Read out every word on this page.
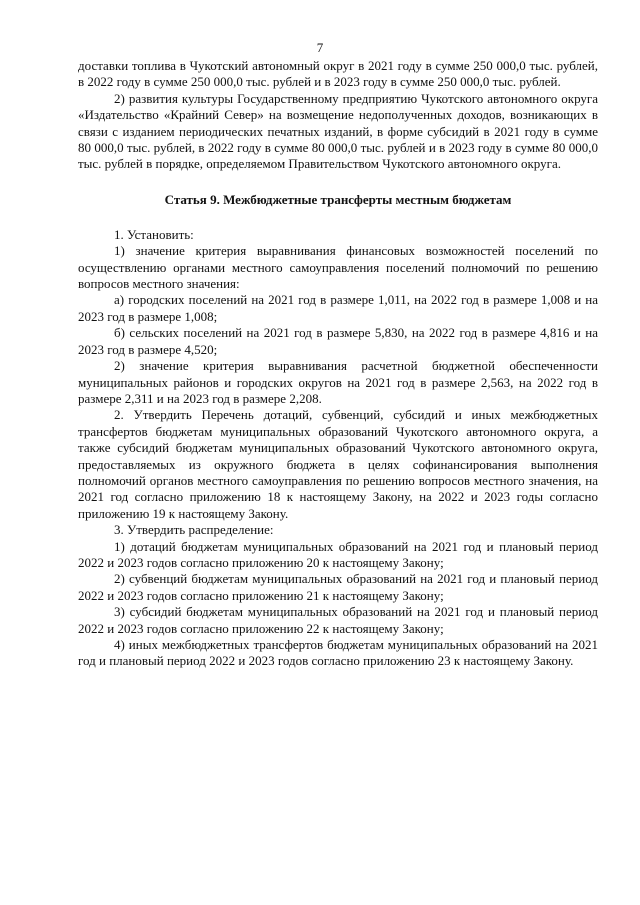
7

доставки топлива в Чукотский автономный округ в 2021 году в сумме 250 000,0 тыс. рублей, в 2022 году в сумме 250 000,0 тыс. рублей и в 2023 году в сумме 250 000,0 тыс. рублей.

2) развития культуры Государственному предприятию Чукотского автономного округа «Издательство «Крайний Север» на возмещение недополученных доходов, возникающих в связи с изданием периодических печатных изданий, в форме субсидий в 2021 году в сумме 80 000,0 тыс. рублей, в 2022 году в сумме 80 000,0 тыс. рублей и в 2023 году в сумме 80 000,0 тыс. рублей в порядке, определяемом Правительством Чукотского автономного округа.

Статья 9. Межбюджетные трансферты местным бюджетам

1. Установить:

1) значение критерия выравнивания финансовых возможностей поселений по осуществлению органами местного самоуправления поселений полномочий по решению вопросов местного значения:

а) городских поселений на 2021 год в размере 1,011, на 2022 год в размере 1,008 и на 2023 год в размере 1,008;

б) сельских поселений на 2021 год в размере 5,830, на 2022 год в размере 4,816 и на 2023 год в размере 4,520;

2) значение критерия выравнивания расчетной бюджетной обеспеченности муниципальных районов и городских округов на 2021 год в размере 2,563, на 2022 год в размере 2,311 и на 2023 год в размере 2,208.

2. Утвердить Перечень дотаций, субвенций, субсидий и иных межбюджетных трансфертов бюджетам муниципальных образований Чукотского автономного округа, а также субсидий бюджетам муниципальных образований Чукотского автономного округа, предоставляемых из окружного бюджета в целях софинансирования выполнения полномочий органов местного самоуправления по решению вопросов местного значения, на 2021 год согласно приложению 18 к настоящему Закону, на 2022 и 2023 годы согласно приложению 19 к настоящему Закону.

3. Утвердить распределение:

1) дотаций бюджетам муниципальных образований на 2021 год и плановый период 2022 и 2023 годов согласно приложению 20 к настоящему Закону;

2) субвенций бюджетам муниципальных образований на 2021 год и плановый период 2022 и 2023 годов согласно приложению 21 к настоящему Закону;

3) субсидий бюджетам муниципальных образований на 2021 год и плановый период 2022 и 2023 годов согласно приложению 22 к настоящему Закону;

4) иных межбюджетных трансфертов бюджетам муниципальных образований на 2021 год и плановый период 2022 и 2023 годов согласно приложению 23 к настоящему Закону.
